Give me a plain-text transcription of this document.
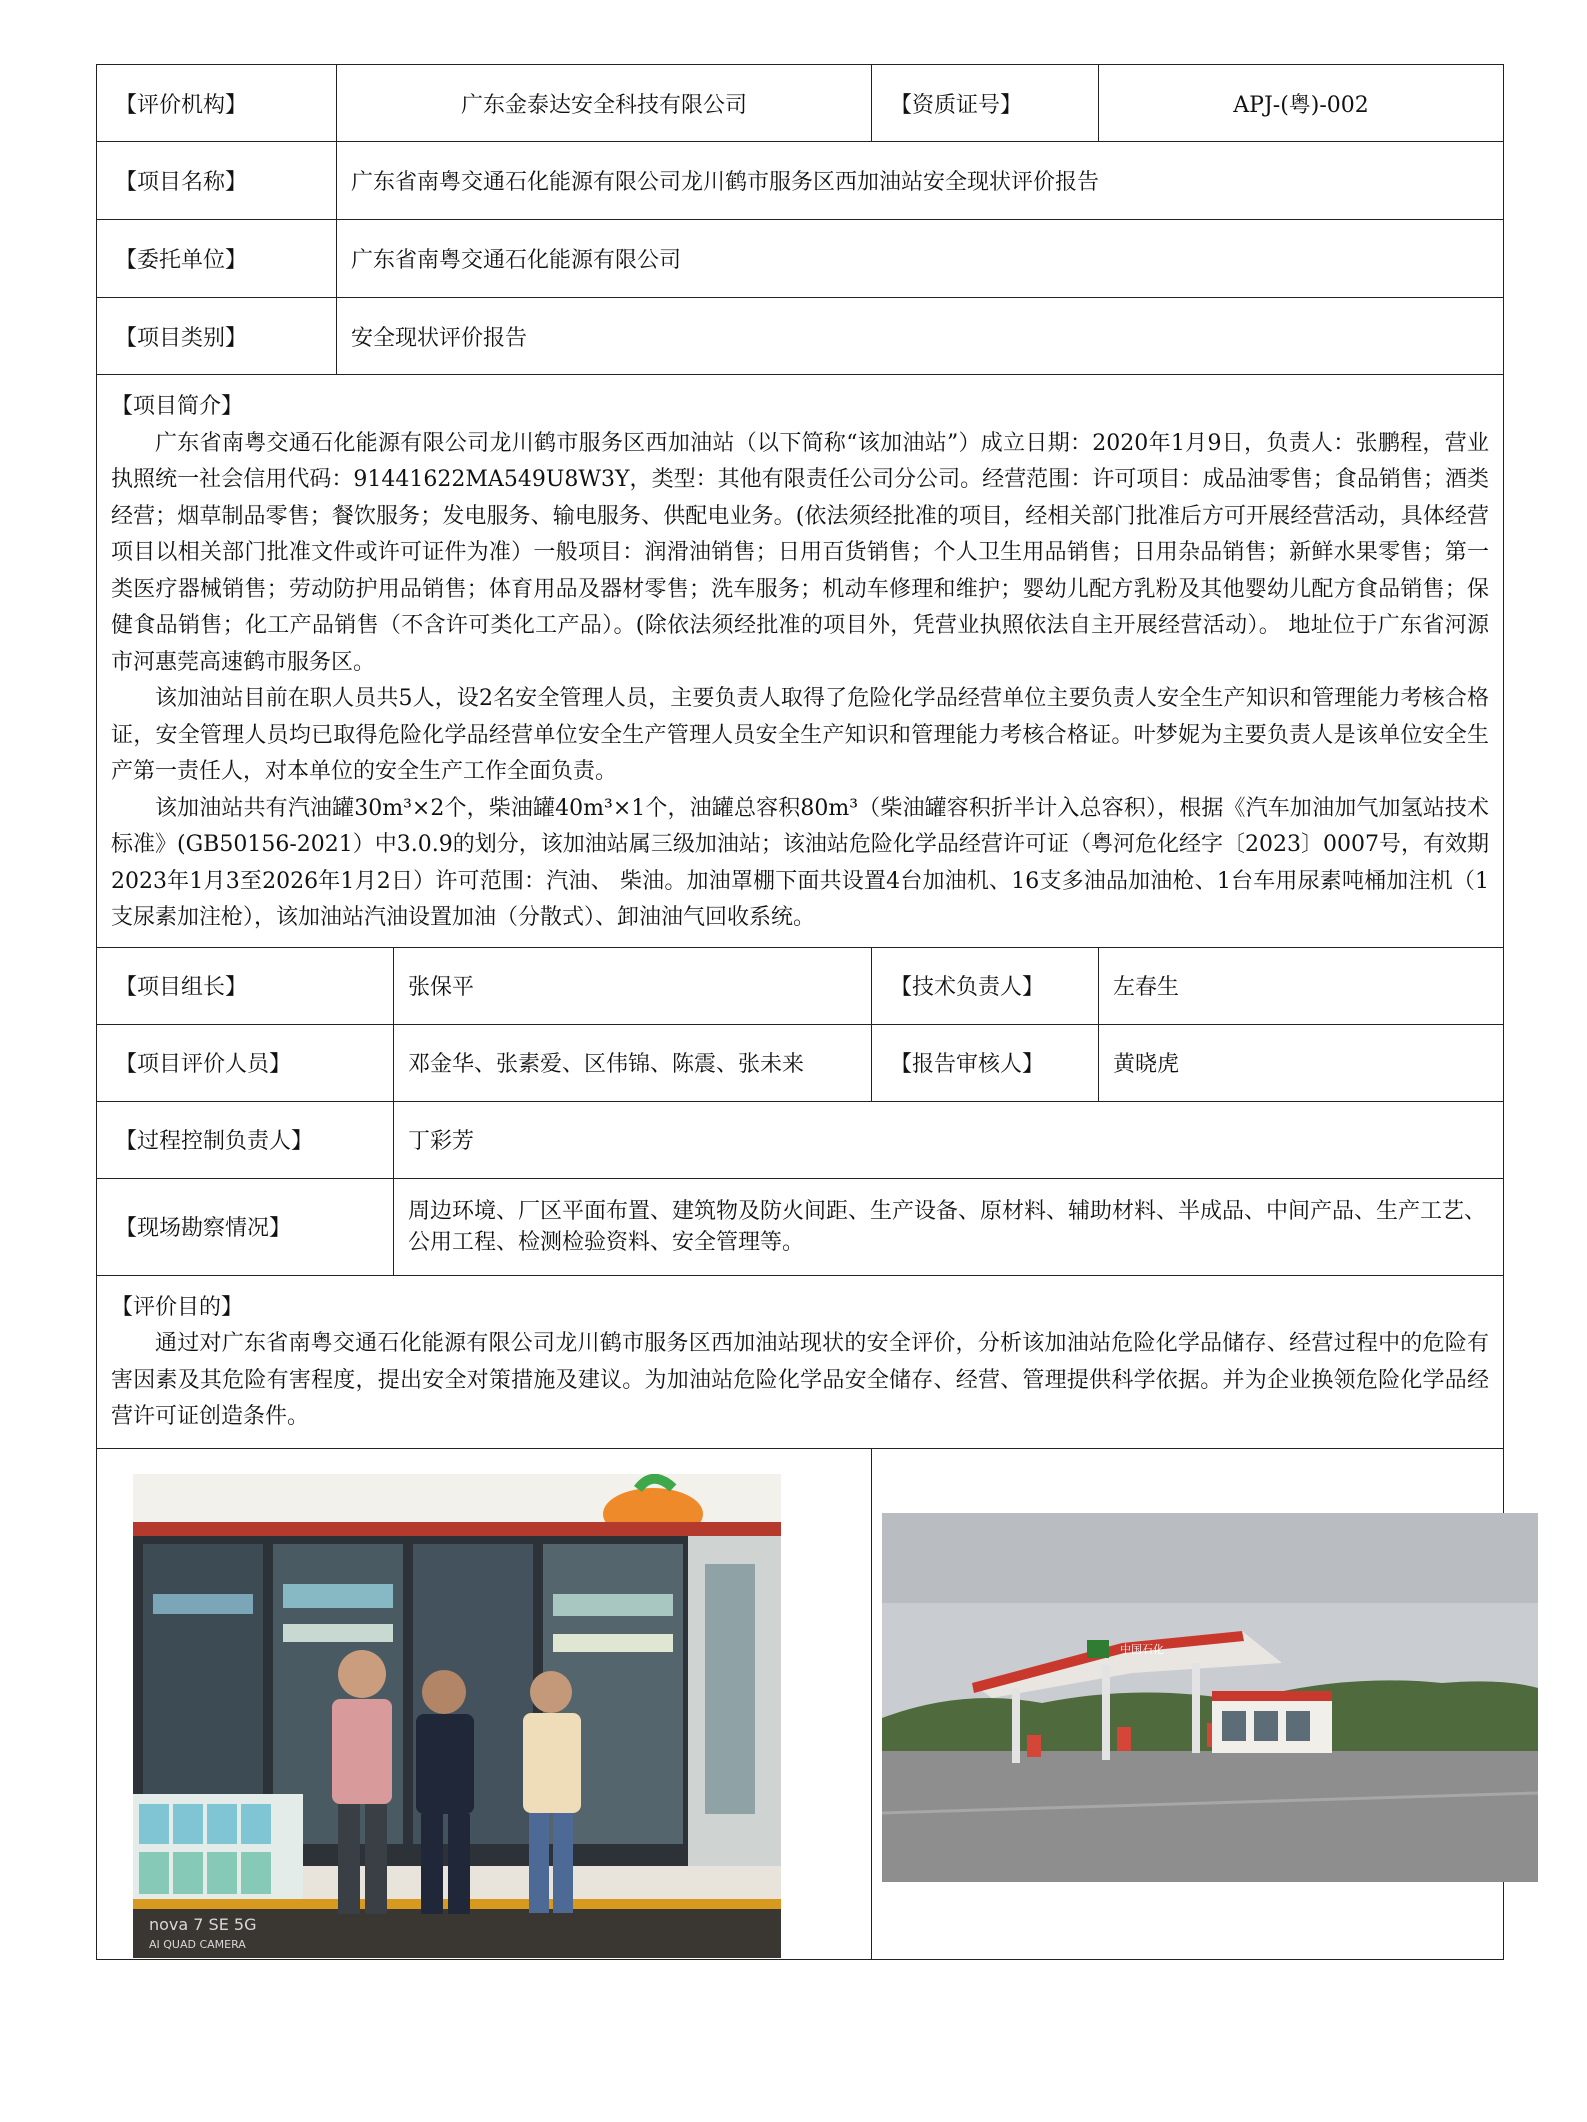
【评价机构】	广东金泰达安全科技有限公司		【资质证号】	APJ-(粤)-002
【项目名称】	广东省南粤交通石化能源有限公司龙川鹤市服务区西加油站安全现状评价报告			
【委托单位】	广东省南粤交通石化能源有限公司			
【项目类别】	安全现状评价报告			

【项目简介】

广东省南粤交通石化能源有限公司龙川鹤市服务区西加油站（以下简称“该加油站”）成立日期：2020年1月9日，负责人：张鹏程，营业执照统一社会信用代码：91441622MA549U8W3Y，类型：其他有限责任公司分公司。经营范围：许可项目：成品油零售；食品销售；酒类经营；烟草制品零售；餐饮服务；发电服务、输电服务、供配电业务。(依法须经批准的项目，经相关部门批准后方可开展经营活动，具体经营项目以相关部门批准文件或许可证件为准）一般项目：润滑油销售；日用百货销售；个人卫生用品销售；日用杂品销售；新鲜水果零售；第一类医疗器械销售；劳动防护用品销售；体育用品及器材零售；洗车服务；机动车修理和维护；婴幼儿配方乳粉及其他婴幼儿配方食品销售；保健食品销售；化工产品销售（不含许可类化工产品）。(除依法须经批准的项目外，凭营业执照依法自主开展经营活动）。 地址位于广东省河源市河惠莞高速鹤市服务区。

该加油站目前在职人员共5人，设2名安全管理人员，主要负责人取得了危险化学品经营单位主要负责人安全生产知识和管理能力考核合格证，安全管理人员均已取得危险化学品经营单位安全生产管理人员安全生产知识和管理能力考核合格证。叶梦妮为主要负责人是该单位安全生产第一责任人，对本单位的安全生产工作全面负责。

该加油站共有汽油罐30m³×2个，柴油罐40m³×1个，油罐总容积80m³（柴油罐容积折半计入总容积），根据《汽车加油加气加氢站技术标准》(GB50156-2021）中3.0.9的划分，该加油站属三级加油站；该油站危险化学品经营许可证（粤河危化经字〔2023〕0007号，有效期2023年1月3至2026年1月2日）许可范围：汽油、 柴油。加油罩棚下面共设置4台加油机、16支多油品加油枪、1台车用尿素吨桶加注机（1支尿素加注枪），该加油站汽油设置加油（分散式）、卸油油气回收系统。				

【项目组长】		张保平	【技术负责人】	左春生
【项目评价人员】		邓金华、张素爱、区伟锦、陈震、张未来	【报告审核人】	黄晓虎
【过程控制负责人】		丁彩芳		
【现场勘察情况】		周边环境、厂区平面布置、建筑物及防火间距、生产设备、原材料、辅助材料、半成品、中间产品、生产工艺、公用工程、检测检验资料、安全管理等。		

【评价目的】

通过对广东省南粤交通石化能源有限公司龙川鹤市服务区西加油站现状的安全评价，分析该加油站危险化学品储存、经营过程中的危险有害因素及其危险有害程度，提出安全对策措施及建议。为加油站危险化学品安全储存、经营、管理提供科学依据。并为企业换领危险化学品经营许可证创造条件。				

nova 7 SE 5G
AI QUAD CAMERA			中国石化	
